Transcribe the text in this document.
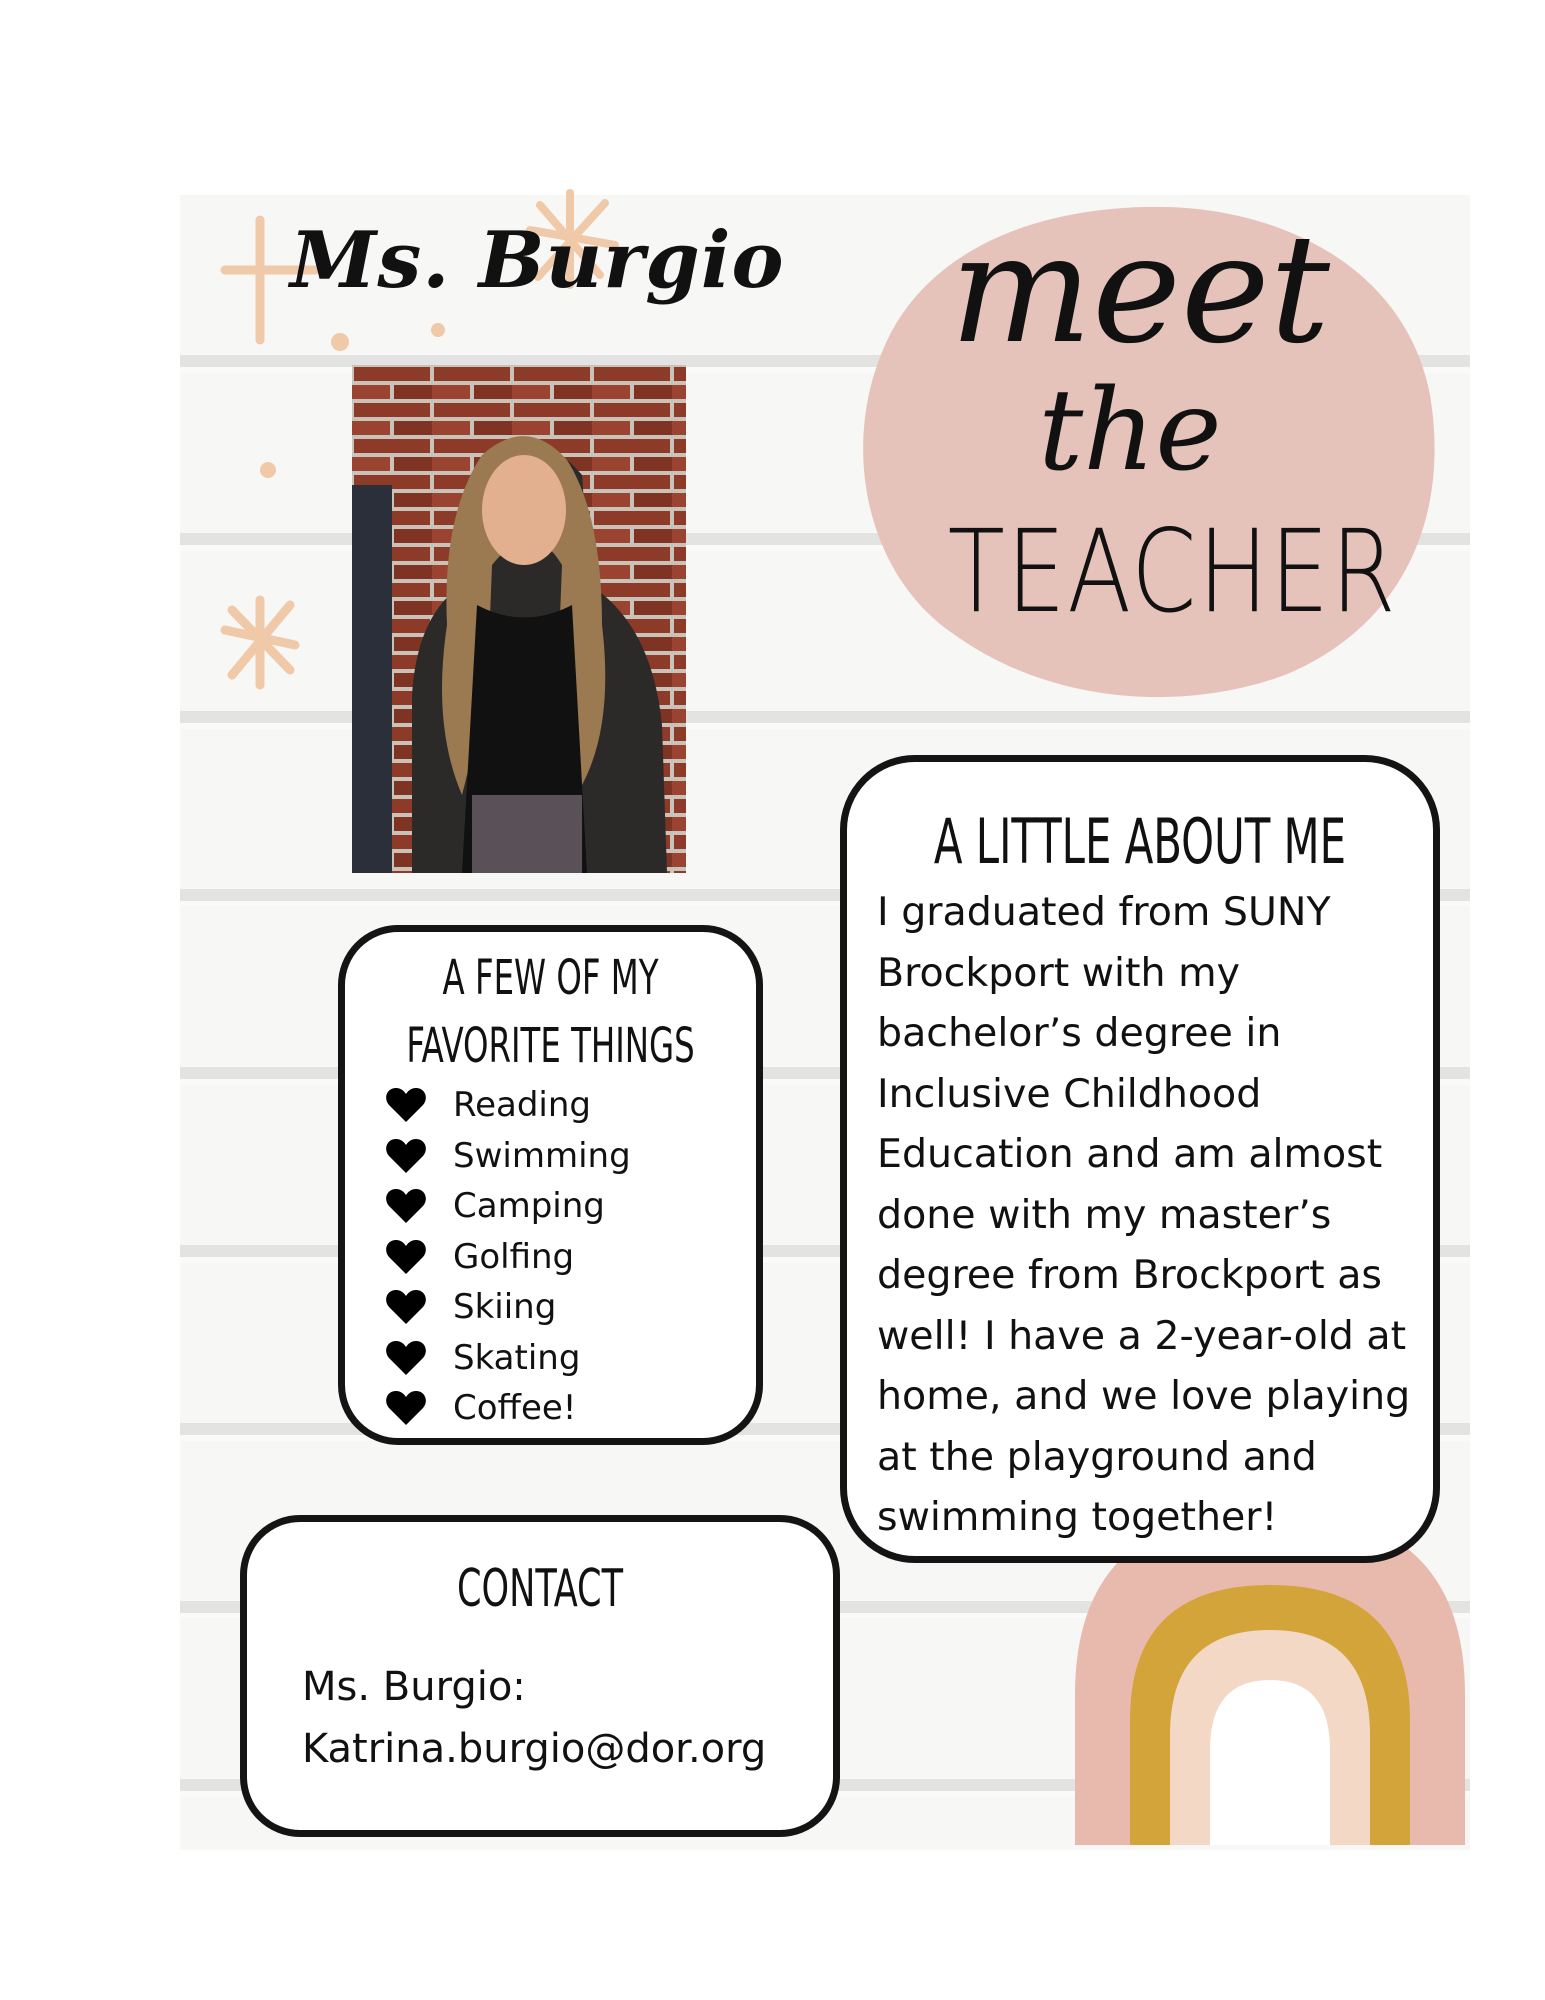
Ms. Burgio	meet
the
TEACHER
A FEW OF MY
FAVORITE THINGS
Reading
Swimming
Camping
Golfing
Skiing
Skating
Coffee!
A LITTLE ABOUT ME

I graduated from SUNY Brockport with my bachelor’s degree in Inclusive Childhood Education and am almost done with my master’s degree from Brockport as well! I have a 2-year-old at home, and we love playing at the playground and swimming together!

CONTACT
Ms. Burgio:
Katrina.burgio@dor.org
